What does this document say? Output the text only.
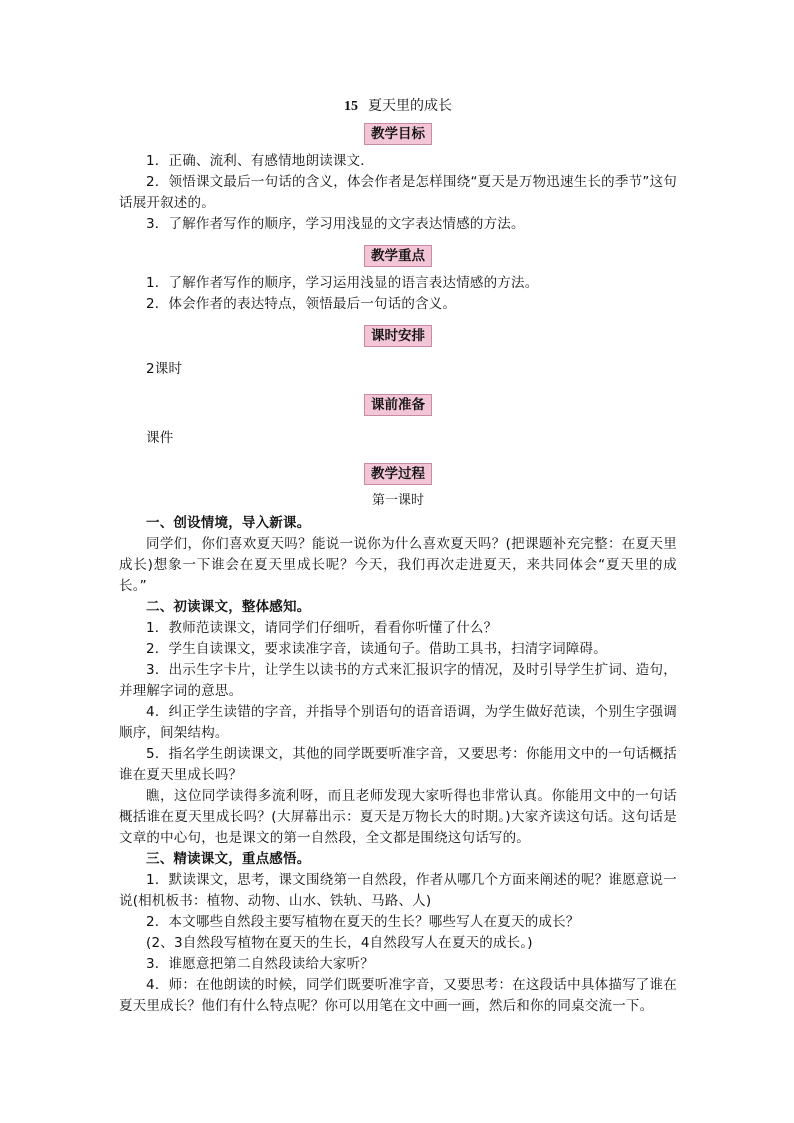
15 夏天里的成长
教学目标

1．正确、流利、有感情地朗读课文．

2．领悟课文最后一句话的含义，体会作者是怎样围绕“夏天是万物迅速生长的季节”这句话展开叙述的。

3．了解作者写作的顺序，学习用浅显的文字表达情感的方法。

教学重点

1．了解作者写作的顺序，学习运用浅显的语言表达情感的方法。

2．体会作者的表达特点，领悟最后一句话的含义。

课时安排

2课时

课前准备

课件

教学过程
第一课时

一、创设情境，导入新课。

同学们，你们喜欢夏天吗？能说一说你为什么喜欢夏天吗？(把课题补充完整：在夏天里成长)想象一下谁会在夏天里成长呢？今天，我们再次走进夏天，来共同体会“夏天里的成长。”

二、初读课文，整体感知。

1．教师范读课文，请同学们仔细听，看看你听懂了什么？

2．学生自读课文，要求读准字音，读通句子。借助工具书，扫清字词障碍。

3．出示生字卡片，让学生以读书的方式来汇报识字的情况，及时引导学生扩词、造句，并理解字词的意思。

4．纠正学生读错的字音，并指导个别语句的语音语调，为学生做好范读，个别生字强调顺序，间架结构。

5．指名学生朗读课文，其他的同学既要听准字音，又要思考：你能用文中的一句话概括谁在夏天里成长吗？

瞧，这位同学读得多流利呀，而且老师发现大家听得也非常认真。你能用文中的一句话概括谁在夏天里成长吗？(大屏幕出示：夏天是万物长大的时期。)大家齐读这句话。这句话是文章的中心句，也是课文的第一自然段，全文都是围绕这句话写的。

三、精读课文，重点感悟。

1．默读课文，思考，课文围绕第一自然段，作者从哪几个方面来阐述的呢？谁愿意说一说(相机板书：植物、动物、山水、铁轨、马路、人)

2．本文哪些自然段主要写植物在夏天的生长？哪些写人在夏天的成长？

(2、3自然段写植物在夏天的生长，4自然段写人在夏天的成长。)

3．谁愿意把第二自然段读给大家听？

4．师：在他朗读的时候，同学们既要听准字音，又要思考：在这段话中具体描写了谁在夏天里成长？他们有什么特点呢？你可以用笔在文中画一画，然后和你的同桌交流一下。
